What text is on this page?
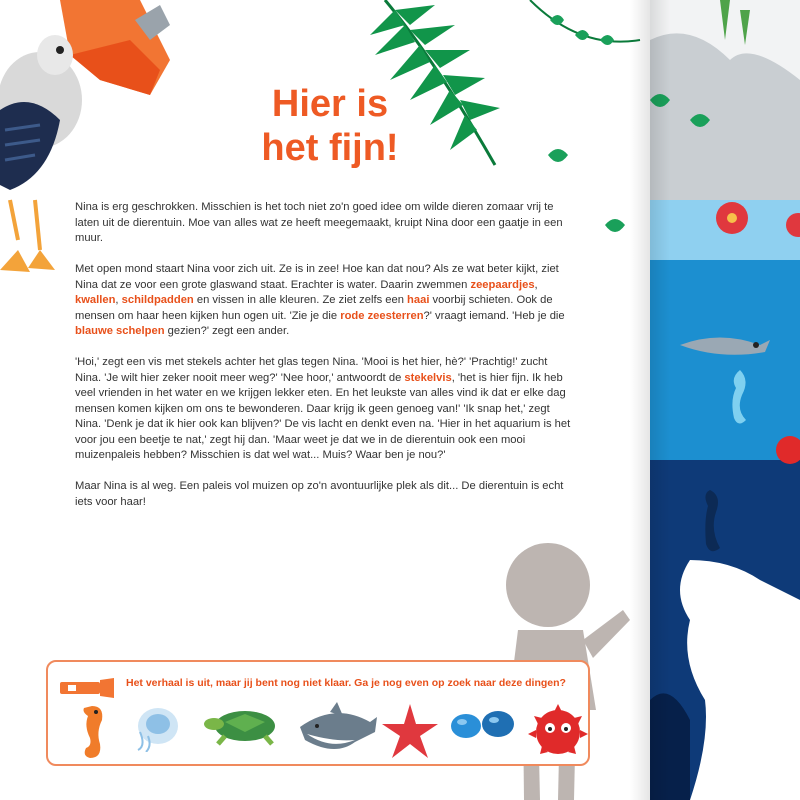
Hier is
het fijn!

Nina is erg geschrokken. Misschien is het toch niet zo'n goed idee om wilde dieren zomaar vrij te laten uit de dierentuin. Moe van alles wat ze heeft meegemaakt, kruipt Nina door een gaatje in een muur.

Met open mond staart Nina voor zich uit. Ze is in zee! Hoe kan dat nou? Als ze wat beter kijkt, ziet Nina dat ze voor een grote glaswand staat. Erachter is water. Daarin zwemmen zeepaardjes, kwallen, schildpadden en vissen in alle kleuren. Ze ziet zelfs een haai voorbij schieten. Ook de mensen om haar heen kijken hun ogen uit. 'Zie je die rode zeesterren?' vraagt iemand. 'Heb je die blauwe schelpen gezien?' zegt een ander.

'Hoi,' zegt een vis met stekels achter het glas tegen Nina. 'Mooi is het hier, hè?' 'Prachtig!' zucht Nina. 'Je wilt hier zeker nooit meer weg?' 'Nee hoor,' antwoordt de stekelvis, 'het is hier fijn. Ik heb veel vrienden in het water en we krijgen lekker eten. En het leukste van alles vind ik dat er elke dag mensen komen kijken om ons te bewonderen. Daar krijg ik geen genoeg van!' 'Ik snap het,' zegt Nina. 'Denk je dat ik hier ook kan blijven?' De vis lacht en denkt even na. 'Hier in het aquarium is het voor jou een beetje te nat,' zegt hij dan. 'Maar weet je dat we in de dierentuin ook een mooi muizenpaleis hebben? Misschien is dat wel wat... Muis? Waar ben je nou?'

Maar Nina is al weg. Een paleis vol muizen op zo'n avontuurlijke plek als dit... De dierentuin is echt iets voor haar!

Het verhaal is uit, maar jij bent nog niet klaar. Ga je nog even op zoek naar deze dingen?
